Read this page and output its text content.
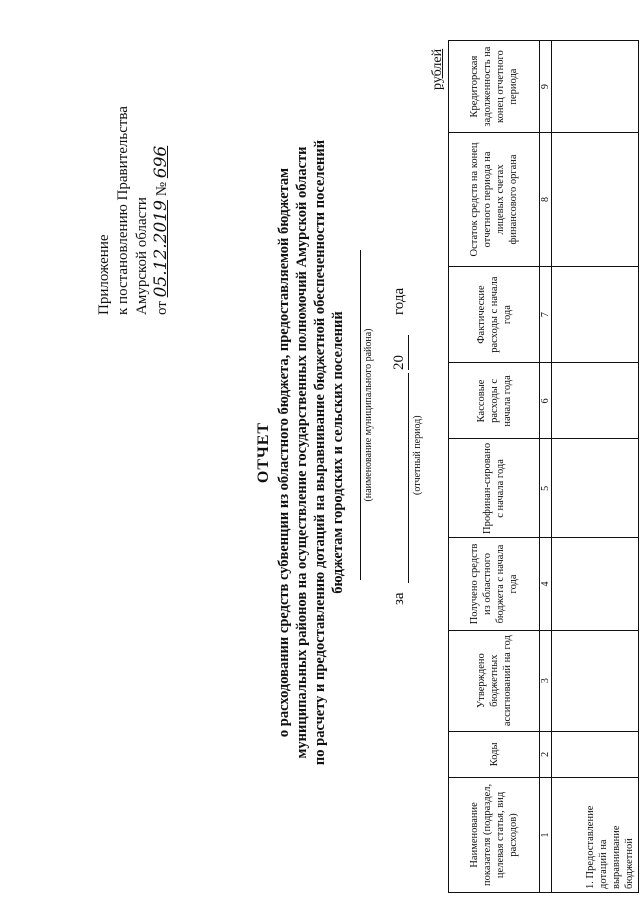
Приложение к постановлению Правительства Амурской области от 05.12.2019 № 696
ОТЧЕТ о расходовании средств субвенции из областного бюджета, предоставляемой бюджетам муниципальных районов на осуществление государственных полномочий Амурской области по расчету и предоставлению дотаций на выравнивание бюджетной обеспеченности поселений бюджетам городских и сельских поселений (наименование муниципального района)
за
20
года
(отчетный период)
рублей
Наименование показателя (подраздел, целевая статья, вид расходов)	Коды	Утверждено бюджетных ассигнований на год	Получено средств из областного бюджета с начала года	Профинан-сировано с начала года	Кассовые расходы с начала года	Фактические расходы с начала года	Остаток средств на конец отчетного периода на лицевых счетах финансового органа	Кредиторская задолженность на конец отчетного периода
1	2	3	4	5	6	7	8	9
1. Предоставление дотаций на выравнивание бюджетной								
